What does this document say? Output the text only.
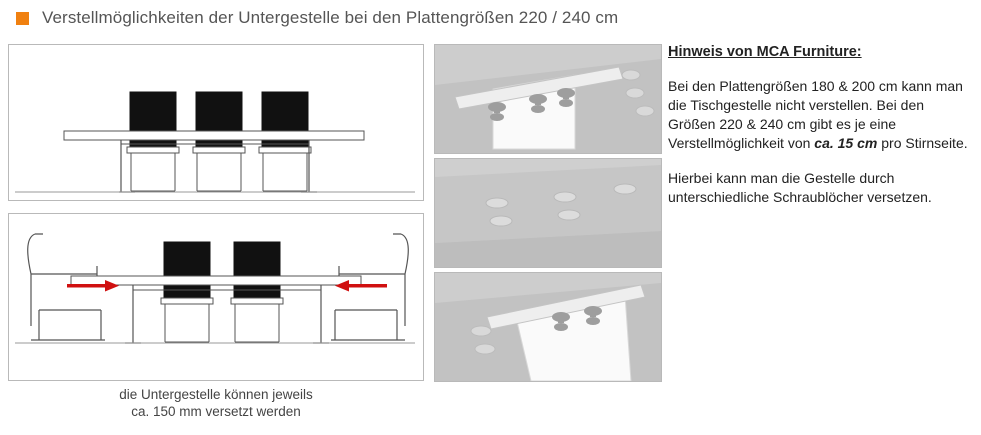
Verstellmöglichkeiten der Untergestelle bei den Plattengrößen 220 / 240 cm
die Untergestelle können jeweils
ca. 150 mm versetzt werden
Hinweis von MCA Furniture:

Bei den Plattengrößen 180 & 200 cm kann man die Tischgestelle nicht verstellen. Bei den Größen 220 & 240 cm gibt es je eine Verstellmöglichkeit von ca. 15 cm pro Stirnseite.

Hierbei kann man die Gestelle durch unterschiedliche Schraublöcher versetzen.
